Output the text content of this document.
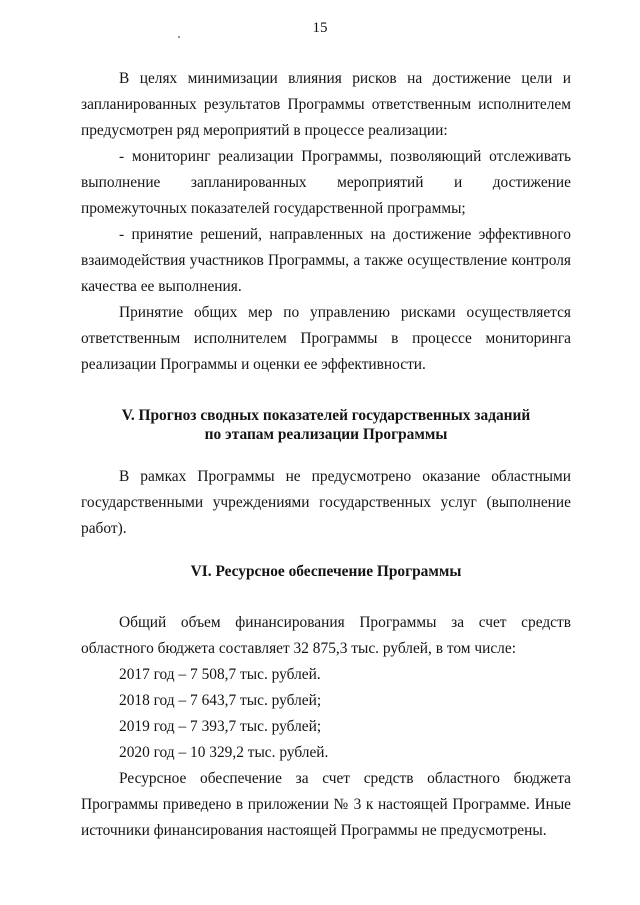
15
В целях минимизации влияния рисков на достижение цели и запланированных результатов Программы ответственным исполнителем предусмотрен ряд мероприятий в процессе реализации:
- мониторинг реализации Программы, позволяющий отслеживать выполнение запланированных мероприятий и достижение промежуточных показателей государственной программы;
- принятие решений, направленных на достижение эффективного взаимодействия участников Программы, а также осуществление контроля качества ее выполнения.
Принятие общих мер по управлению рисками осуществляется ответственным исполнителем Программы в процессе мониторинга реализации Программы и оценки ее эффективности.
V. Прогноз сводных показателей государственных заданий
по этапам реализации Программы
В рамках Программы не предусмотрено оказание областными государственными учреждениями государственных услуг (выполнение работ).
VI. Ресурсное обеспечение Программы
Общий объем финансирования Программы за счет средств областного бюджета составляет 32 875,3 тыс. рублей, в том числе:
2017 год – 7 508,7 тыс. рублей.
2018 год – 7 643,7 тыс. рублей;
2019 год – 7 393,7 тыс. рублей;
2020 год – 10 329,2 тыс. рублей.
Ресурсное обеспечение за счет средств областного бюджета Программы приведено в приложении № 3 к настоящей Программе. Иные источники финансирования настоящей Программы не предусмотрены.
